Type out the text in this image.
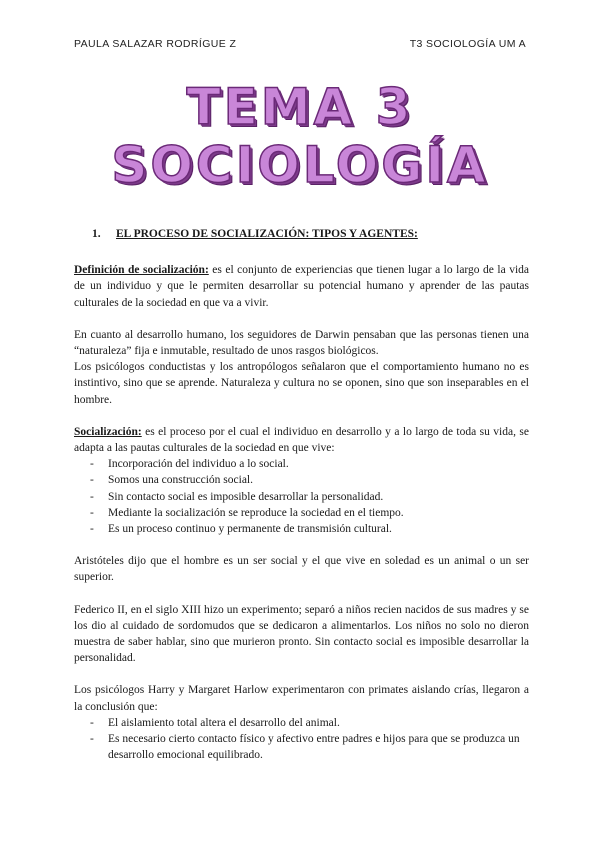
PAULA SALAZAR RODRÍGUE Z	T3 SOCIOLOGÍA UM A
TEMA 3
SOCIOLOGÍA
1. EL PROCESO DE SOCIALIZACIÓN: TIPOS Y AGENTES:

Definición de socialización: es el conjunto de experiencias que tienen lugar a lo largo de la vida de un individuo y que le permiten desarrollar su potencial humano y aprender de las pautas culturales de la sociedad en que va a vivir.

En cuanto al desarrollo humano, los seguidores de Darwin pensaban que las personas tienen una “naturaleza” fija e inmutable, resultado de unos rasgos biológicos.

Los psicólogos conductistas y los antropólogos señalaron que el comportamiento humano no es instintivo, sino que se aprende. Naturaleza y cultura no se oponen, sino que son inseparables en el hombre.

Socialización: es el proceso por el cual el individuo en desarrollo y a lo largo de toda su vida, se adapta a las pautas culturales de la sociedad en que vive:

- Incorporación del individuo a lo social.
- Somos una construcción social.
- Sin contacto social es imposible desarrollar la personalidad.
- Mediante la socialización se reproduce la sociedad en el tiempo.
- Es un proceso continuo y permanente de transmisión cultural.

Aristóteles dijo que el hombre es un ser social y el que vive en soledad es un animal o un ser superior.

Federico II, en el siglo XIII hizo un experimento; separó a niños recien nacidos de sus madres y se los dio al cuidado de sordomudos que se dedicaron a alimentarlos. Los niños no solo no dieron muestra de saber hablar, sino que murieron pronto. Sin contacto social es imposible desarrollar la personalidad.

Los psicólogos Harry y Margaret Harlow experimentaron con primates aislando crías, llegaron a la conclusión que:

- El aislamiento total altera el desarrollo del animal.
- Es necesario cierto contacto físico y afectivo entre padres e hijos para que se produzca un desarrollo emocional equilibrado.
